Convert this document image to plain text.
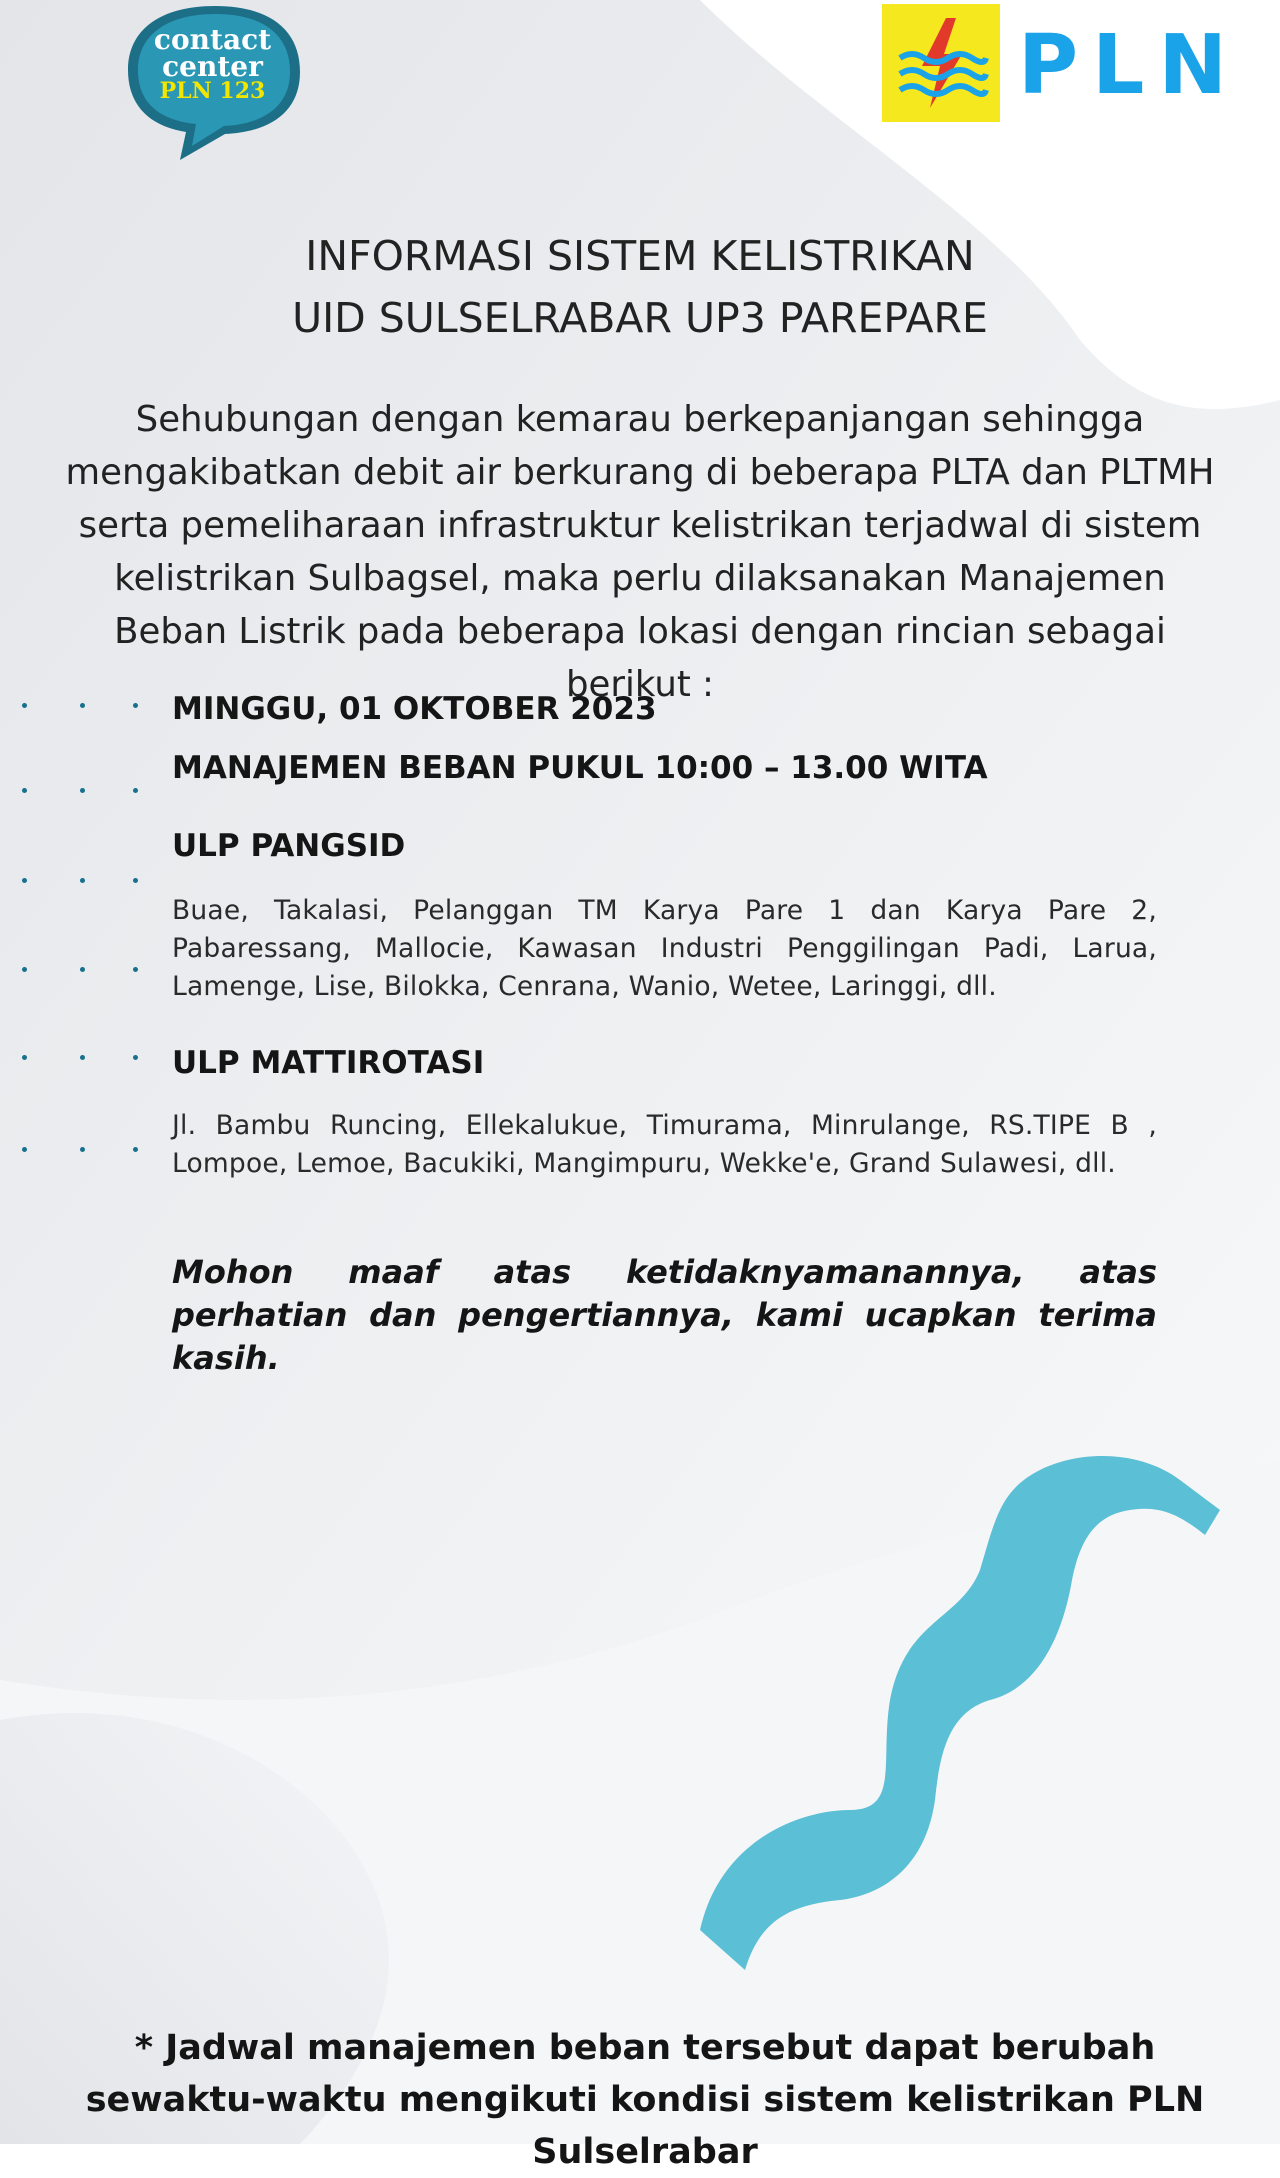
contact
center
PLN 123	PLN
INFORMASI SISTEM KELISTRIKAN
UID SULSELRABAR UP3 PAREPARE
Sehubungan dengan kemarau berkepanjangan sehingga mengakibatkan debit air berkurang di beberapa PLTA dan PLTMH serta pemeliharaan infrastruktur kelistrikan terjadwal di sistem kelistrikan Sulbagsel, maka perlu dilaksanakan Manajemen Beban Listrik pada beberapa lokasi dengan rincian sebagai berikut :
MINGGU, 01 OKTOBER 2023
MANAJEMEN BEBAN PUKUL 10:00 – 13.00 WITA
ULP PANGSID
Buae, Takalasi, Pelanggan TM Karya Pare 1 dan Karya Pare 2, Pabaressang, Mallocie, Kawasan Industri Penggilingan Padi, Larua, Lamenge, Lise, Bilokka, Cenrana, Wanio, Wetee, Laringgi, dll.
ULP MATTIROTASI
Jl. Bambu Runcing, Ellekalukue, Timurama, Minrulange, RS.TIPE B , Lompoe, Lemoe, Bacukiki, Mangimpuru, Wekke'e, Grand Sulawesi, dll.
Mohon maaf atas ketidaknyamanannya, atas perhatian dan pengertiannya, kami ucapkan terima kasih.
* Jadwal manajemen beban tersebut dapat berubah sewaktu-waktu mengikuti kondisi sistem kelistrikan PLN Sulselrabar
